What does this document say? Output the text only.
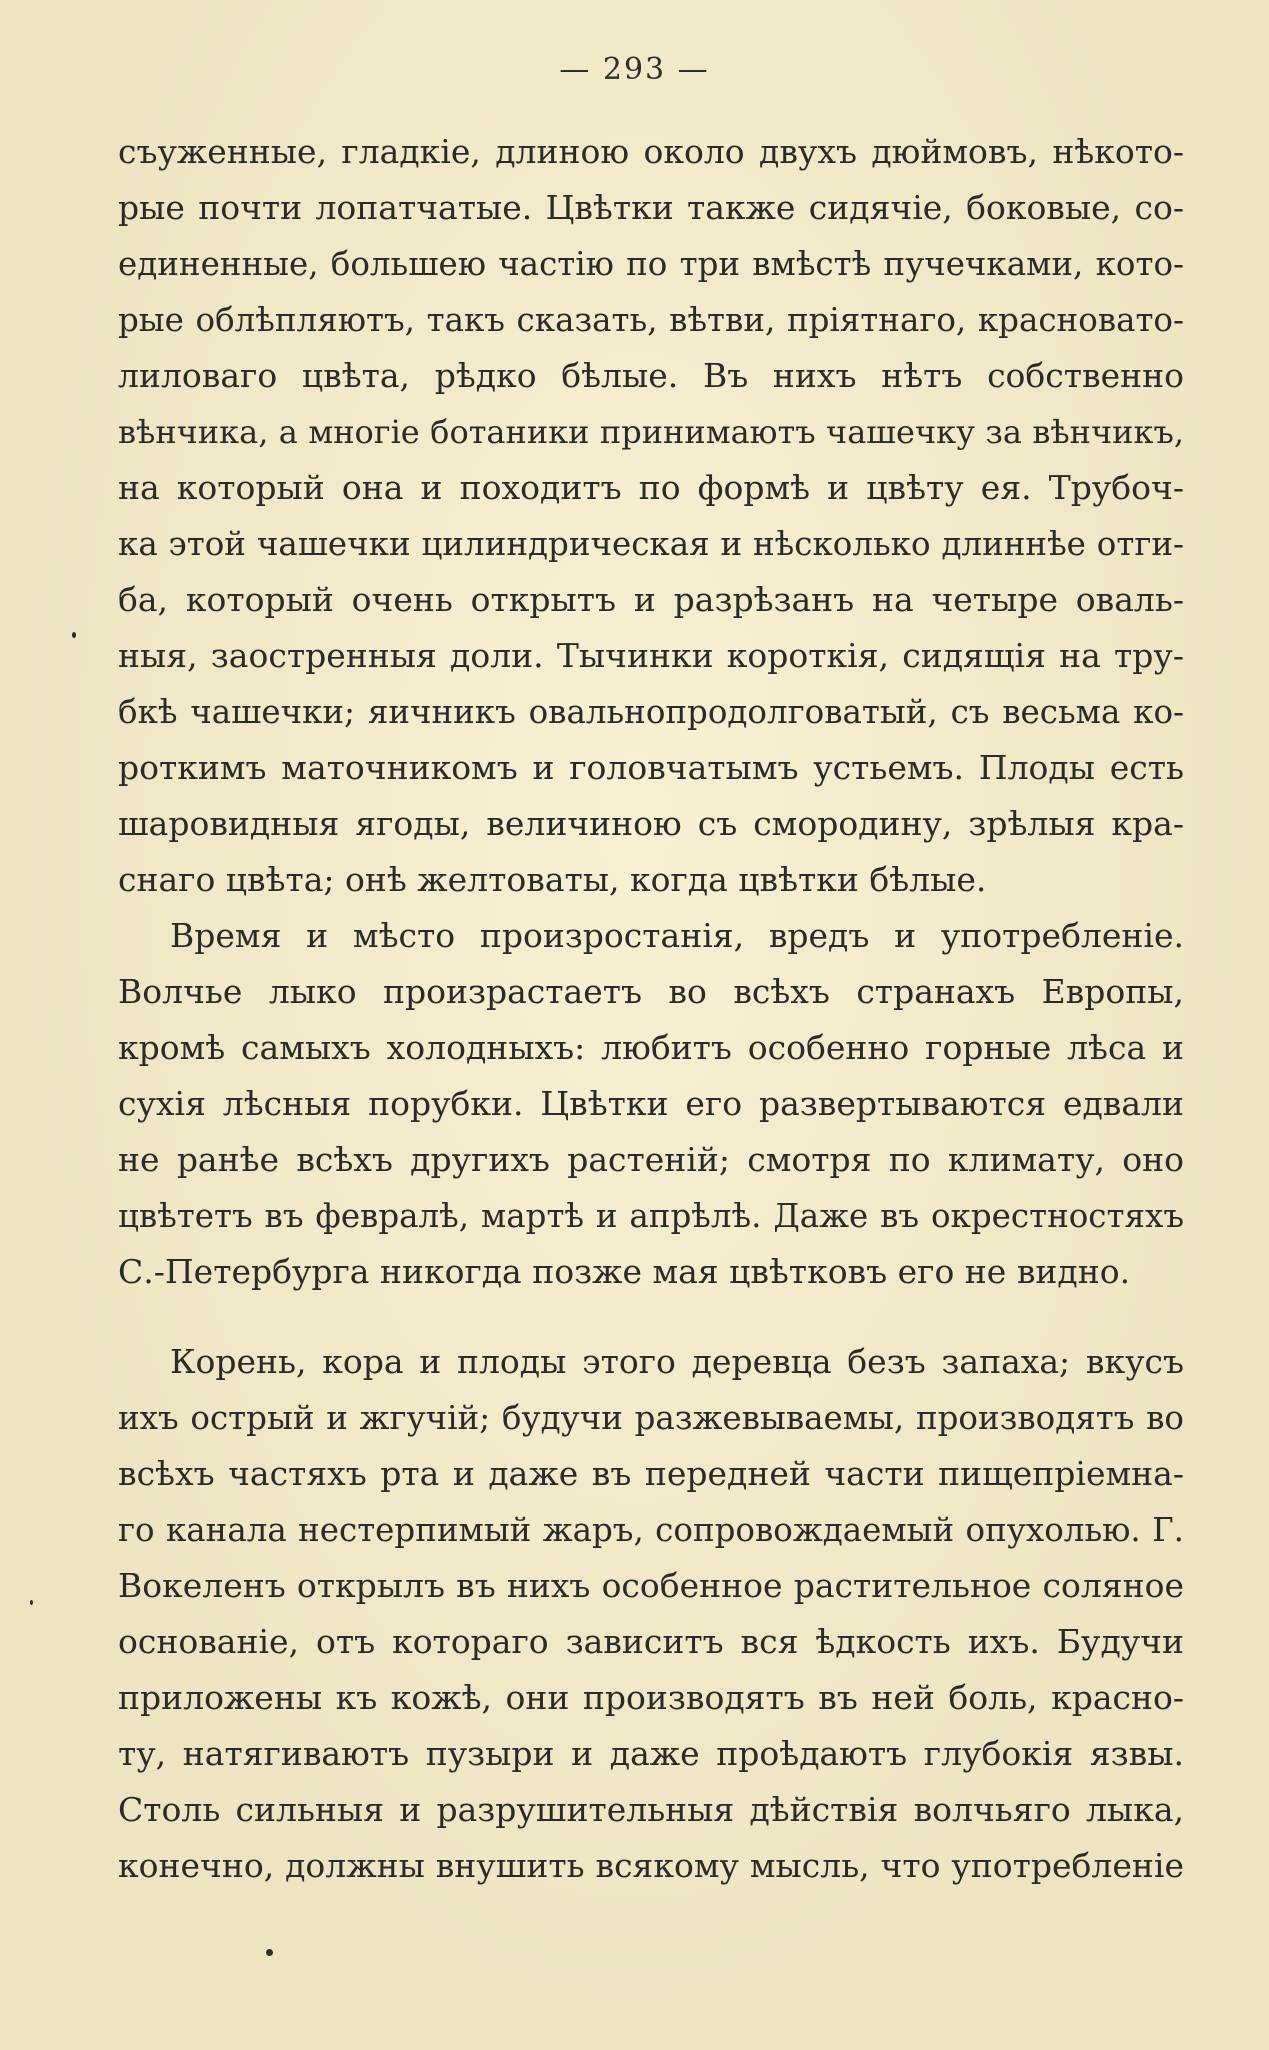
— 293 —
съуженные, гладкіе, длиною около двухъ дюймовъ, нѣкото-
рые почти лопатчатые. Цвѣтки также сидячіе, боковые, со-
единенные, большею частію по три вмѣстѣ пучечками, кото-
рые облѣпляютъ, такъ сказать, вѣтви, пріятнаго, красновато-
лиловаго цвѣта, рѣдко бѣлые. Въ нихъ нѣтъ собственно
вѣнчика, а многіе ботаники принимаютъ чашечку за вѣнчикъ,
на который она и походитъ по формѣ и цвѣту ея. Трубоч-
ка этой чашечки цилиндрическая и нѣсколько длиннѣе отги-
ба, который очень открытъ и разрѣзанъ на четыре оваль-
ныя, заостренныя доли. Тычинки короткія, сидящія на тру-
бкѣ чашечки; яичникъ овальнопродолговатый, съ весьма ко-
роткимъ маточникомъ и головчатымъ устьемъ. Плоды есть
шаровидныя ягоды, величиною съ смородину, зрѣлыя кра-
снаго цвѣта; онѣ желтоваты, когда цвѣтки бѣлые.
Время и мѣсто произростанія, вредъ и употребленіе.
Волчье лыко произрастаетъ во всѣхъ странахъ Европы,
кромѣ самыхъ холодныхъ: любитъ особенно горные лѣса и
сухія лѣсныя порубки. Цвѣтки его развертываются едвали
не ранѣе всѣхъ другихъ растеній; смотря по климату, оно
цвѣтетъ въ февралѣ, мартѣ и апрѣлѣ. Даже въ окрестностяхъ
С.-Петербурга никогда позже мая цвѣтковъ его не видно.
Корень, кора и плоды этого деревца безъ запаха; вкусъ
ихъ острый и жгучій; будучи разжевываемы, производятъ во
всѣхъ частяхъ рта и даже въ передней части пищепріемна-
го канала нестерпимый жаръ, сопровождаемый опухолью. Г.
Вокеленъ открылъ въ нихъ особенное растительное соляное
основаніе, отъ котораго зависитъ вся ѣдкость ихъ. Будучи
приложены къ кожѣ, они производятъ въ ней боль, красно-
ту, натягиваютъ пузыри и даже проѣдаютъ глубокія язвы.
Столь сильныя и разрушительныя дѣйствія волчьяго лыка,
конечно, должны внушить всякому мысль, что употребленіе
